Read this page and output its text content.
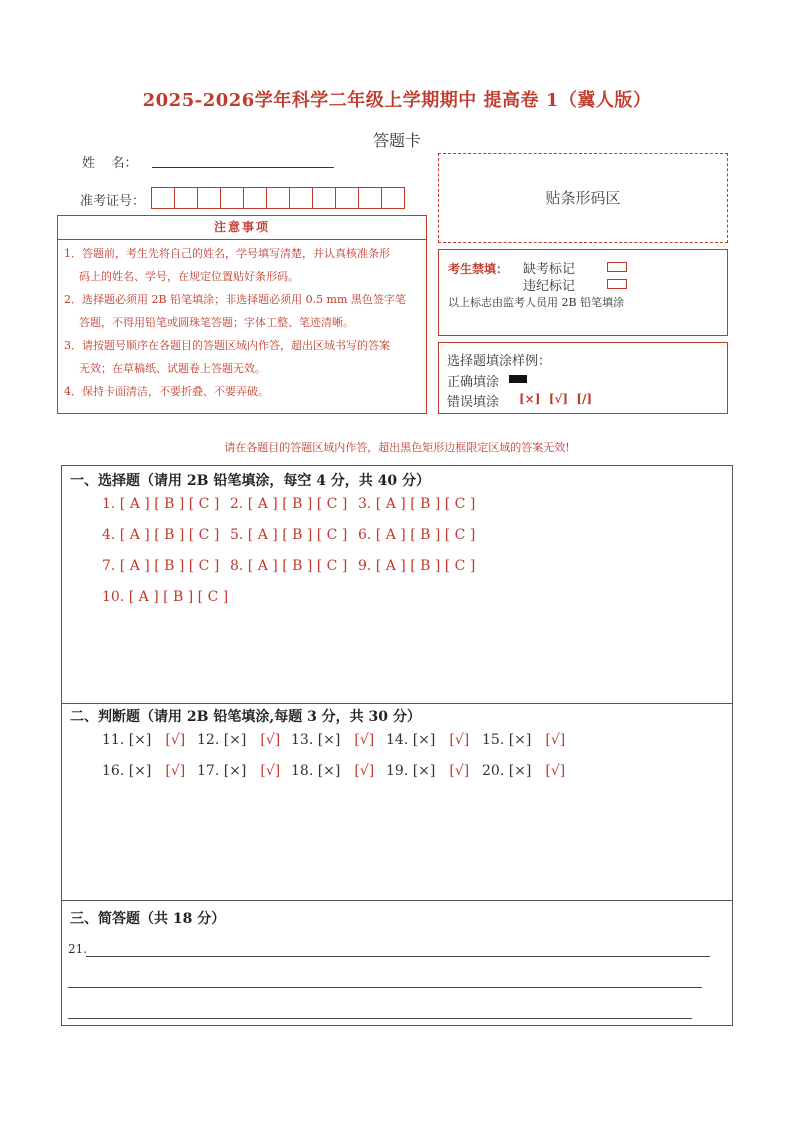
2025-2026学年科学二年级上学期期中 提高卷 1（冀人版）
答题卡
姓    名：
准考证号：	贴条形码区
注意事项
1．答题前，考生先将自己的姓名，学号填写清楚，并认真核准条形
码上的姓名、学号，在规定位置贴好条形码。
2．选择题必须用 2B 铅笔填涂；非选择题必须用 0.5 mm 黑色签字笔
答题，不得用铅笔或圆珠笔答题；字体工整、笔迹清晰。
3．请按题号顺序在各题目的答题区域内作答，超出区域书写的答案
无效；在草稿纸、试题卷上答题无效。
4．保持卡面清洁，不要折叠、不要弄破。
考生禁填： 缺考标记
违纪标记
以上标志由监考人员用 2B 铅笔填涂
选择题填涂样例：
正确填涂
错误填涂 [×]  [√]  [/]
请在各题目的答题区域内作答，超出黑色矩形边框限定区域的答案无效!
一、选择题（请用 2B 铅笔填涂，每空 4 分，共 40 分）
1. [ A ] [ B ] [ C ] 2. [ A ] [ B ] [ C ] 3. [ A ] [ B ] [ C ]
4. [ A ] [ B ] [ C ] 5. [ A ] [ B ] [ C ] 6. [ A ] [ B ] [ C ]
7. [ A ] [ B ] [ C ] 8. [ A ] [ B ] [ C ] 9. [ A ] [ B ] [ C ]
10. [ A ] [ B ] [ C ]
二、判断题（请用 2B 铅笔填涂,每题 3 分，共 30 分）
11. [×] [√] 12. [×] [√] 13. [×] [√] 14. [×] [√] 15. [×] [√]
16. [×] [√] 17. [×] [√] 18. [×] [√] 19. [×] [√] 20. [×] [√]
三、简答题（共 18 分）
21.
